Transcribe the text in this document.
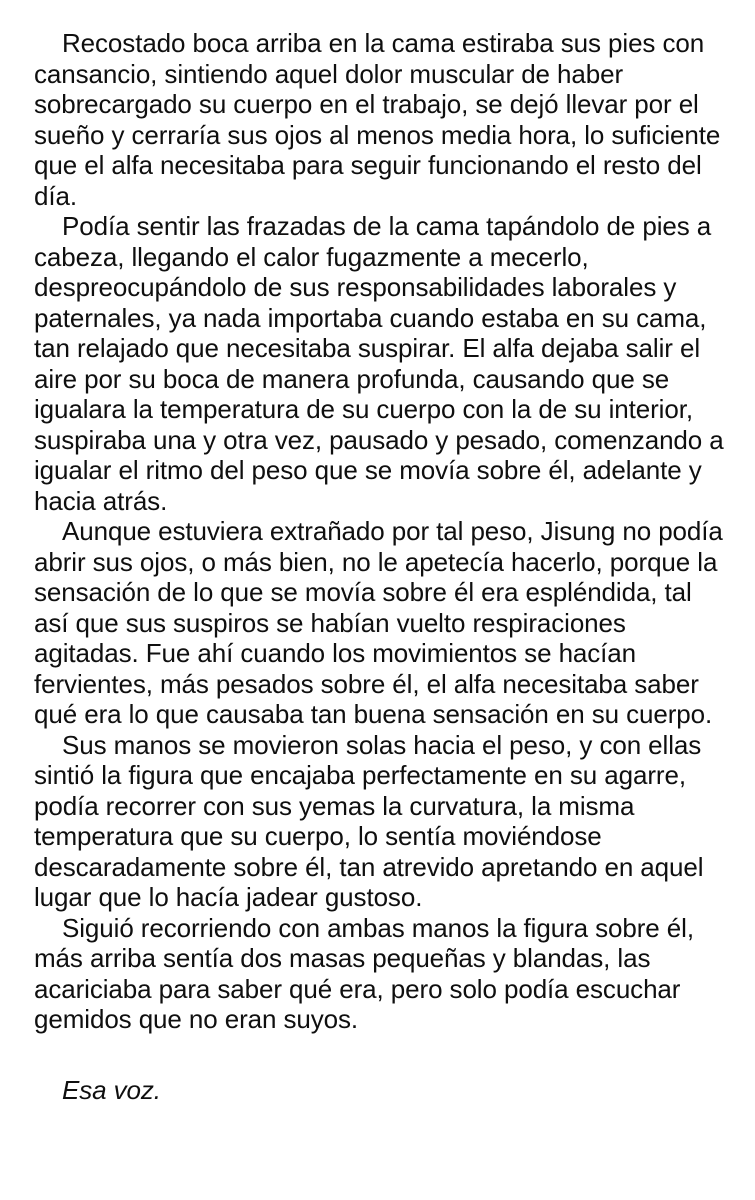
Recostado boca arriba en la cama estiraba sus pies con cansancio, sintiendo aquel dolor muscular de haber sobrecargado su cuerpo en el trabajo, se dejó llevar por el sueño y cerraría sus ojos al menos media hora, lo suficiente que el alfa necesitaba para seguir funcionando el resto del día.

Podía sentir las frazadas de la cama tapándolo de pies a cabeza, llegando el calor fugazmente a mecerlo, despreocupándolo de sus responsabilidades laborales y paternales, ya nada importaba cuando estaba en su cama, tan relajado que necesitaba suspirar. El alfa dejaba salir el aire por su boca de manera profunda, causando que se igualara la temperatura de su cuerpo con la de su interior, suspiraba una y otra vez, pausado y pesado, comenzando a igualar el ritmo del peso que se movía sobre él, adelante y hacia atrás.

Aunque estuviera extrañado por tal peso, Jisung no podía abrir sus ojos, o más bien, no le apetecía hacerlo, porque la sensación de lo que se movía sobre él era espléndida, tal así que sus suspiros se habían vuelto respiraciones agitadas. Fue ahí cuando los movimientos se hacían fervientes, más pesados sobre él, el alfa necesitaba saber qué era lo que causaba tan buena sensación en su cuerpo.

Sus manos se movieron solas hacia el peso, y con ellas sintió la figura que encajaba perfectamente en su agarre, podía recorrer con sus yemas la curvatura, la misma temperatura que su cuerpo, lo sentía moviéndose descaradamente sobre él, tan atrevido apretando en aquel lugar que lo hacía jadear gustoso.

Siguió recorriendo con ambas manos la figura sobre él, más arriba sentía dos masas pequeñas y blandas, las acariciaba para saber qué era, pero solo podía escuchar gemidos que no eran suyos.

Esa voz.
